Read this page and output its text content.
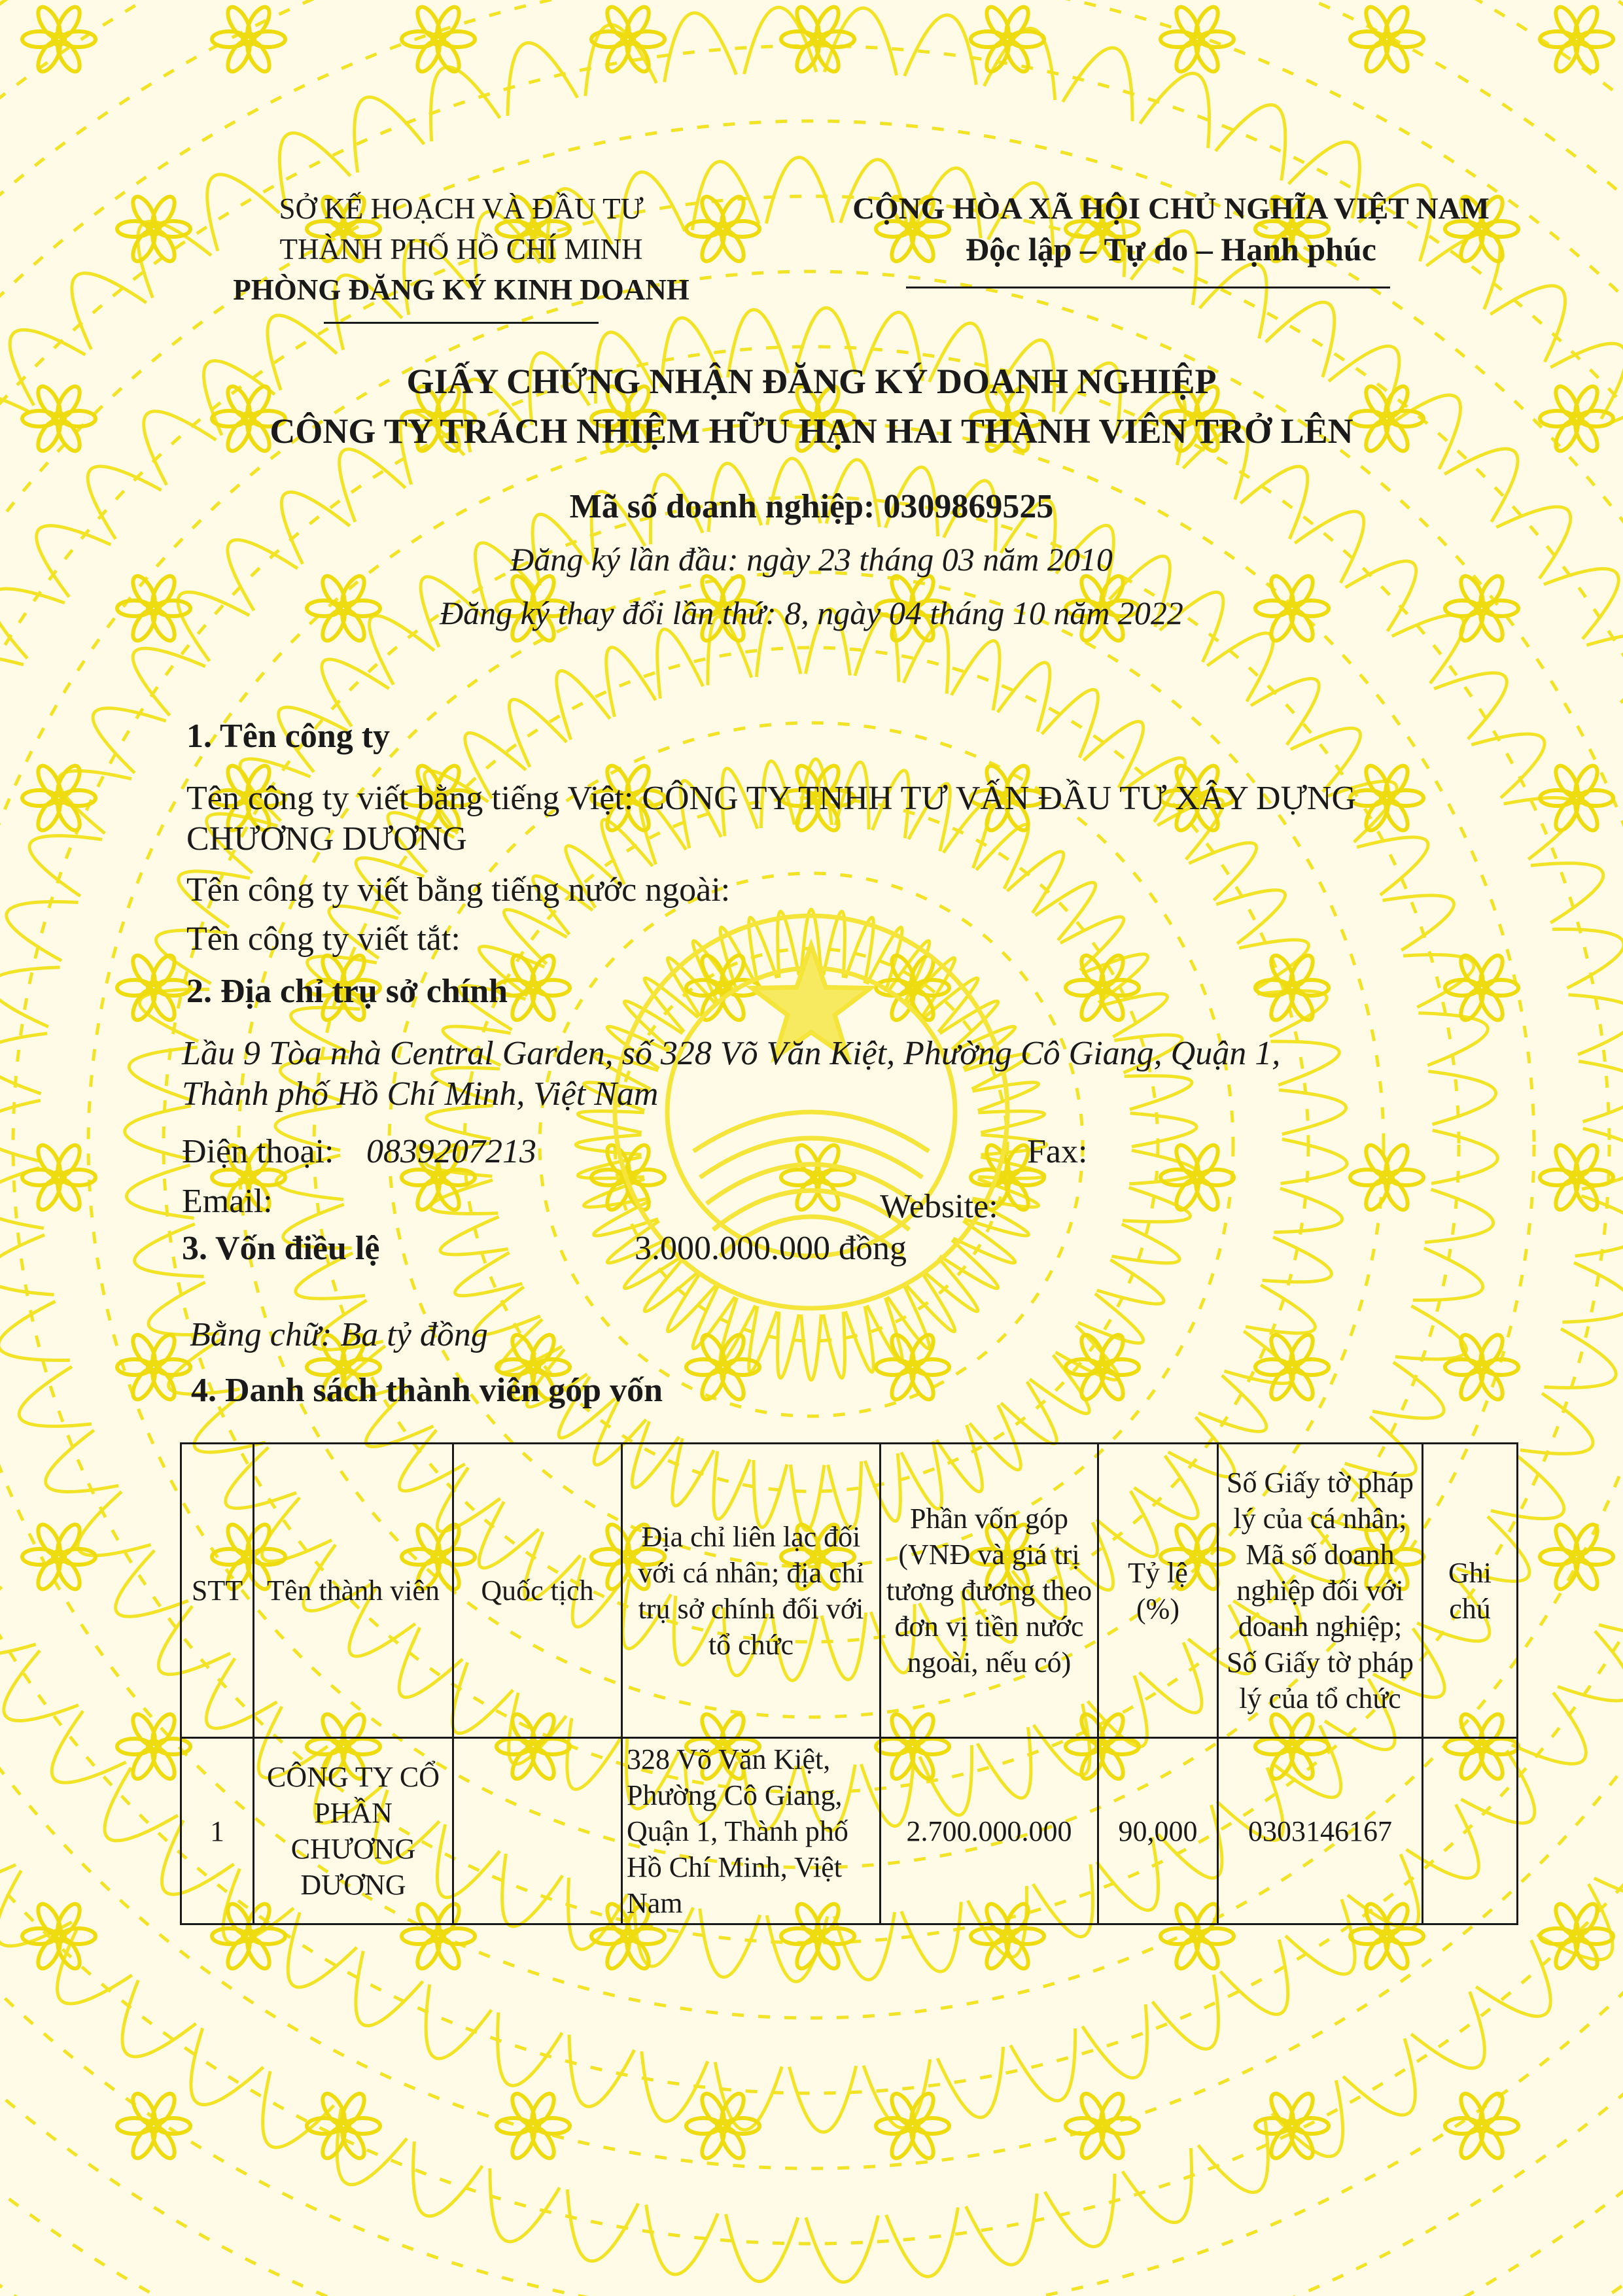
SỞ KẾ HOẠCH VÀ ĐẦU TƯ
THÀNH PHỐ HỒ CHÍ MINH
PHÒNG ĐĂNG KÝ KINH DOANH
CỘNG HÒA XÃ HỘI CHỦ NGHĨA VIỆT NAM
Độc lập – Tự do – Hạnh phúc
GIẤY CHỨNG NHẬN ĐĂNG KÝ DOANH NGHIỆP
CÔNG TY TRÁCH NHIỆM HỮU HẠN HAI THÀNH VIÊN TRỞ LÊN
Mã số doanh nghiệp: 0309869525
Đăng ký lần đầu: ngày 23 tháng 03 năm 2010
Đăng ký thay đổi lần thứ: 8, ngày 04 tháng 10 năm 2022
1. Tên công ty
Tên công ty viết bằng tiếng Việt: CÔNG TY TNHH TƯ VẤN ĐẦU TƯ XÂY DỰNG
CHƯƠNG DƯƠNG
Tên công ty viết bằng tiếng nước ngoài:
Tên công ty viết tắt:
2. Địa chỉ trụ sở chính
Lầu 9 Tòa nhà Central Garden, số 328 Võ Văn Kiệt, Phường Cô Giang, Quận 1,
Thành phố Hồ Chí Minh, Việt Nam
Điện thoại: 0839207213	Fax:
Email:	Website:
3. Vốn điều lệ	3.000.000.000 đồng
Bằng chữ: Ba tỷ đồng
4. Danh sách thành viên góp vốn
STT	Tên thành viên	Quốc tịch	Địa chỉ liên lạc đối với cá nhân; địa chỉ trụ sở chính đối với tổ chức	Phần vốn góp (VNĐ và giá trị tương đương theo đơn vị tiền nước ngoài, nếu có)	Tỷ lệ (%)	Số Giấy tờ pháp lý của cá nhân; Mã số doanh nghiệp đối với doanh nghiệp; Số Giấy tờ pháp lý của tổ chức	Ghi chú
1	CÔNG TY CỔ PHẦN CHƯƠNG DƯƠNG		328 Võ Văn Kiệt, Phường Cô Giang, Quận 1, Thành phố Hồ Chí Minh, Việt Nam	2.700.000.000	90,000	0303146167	
